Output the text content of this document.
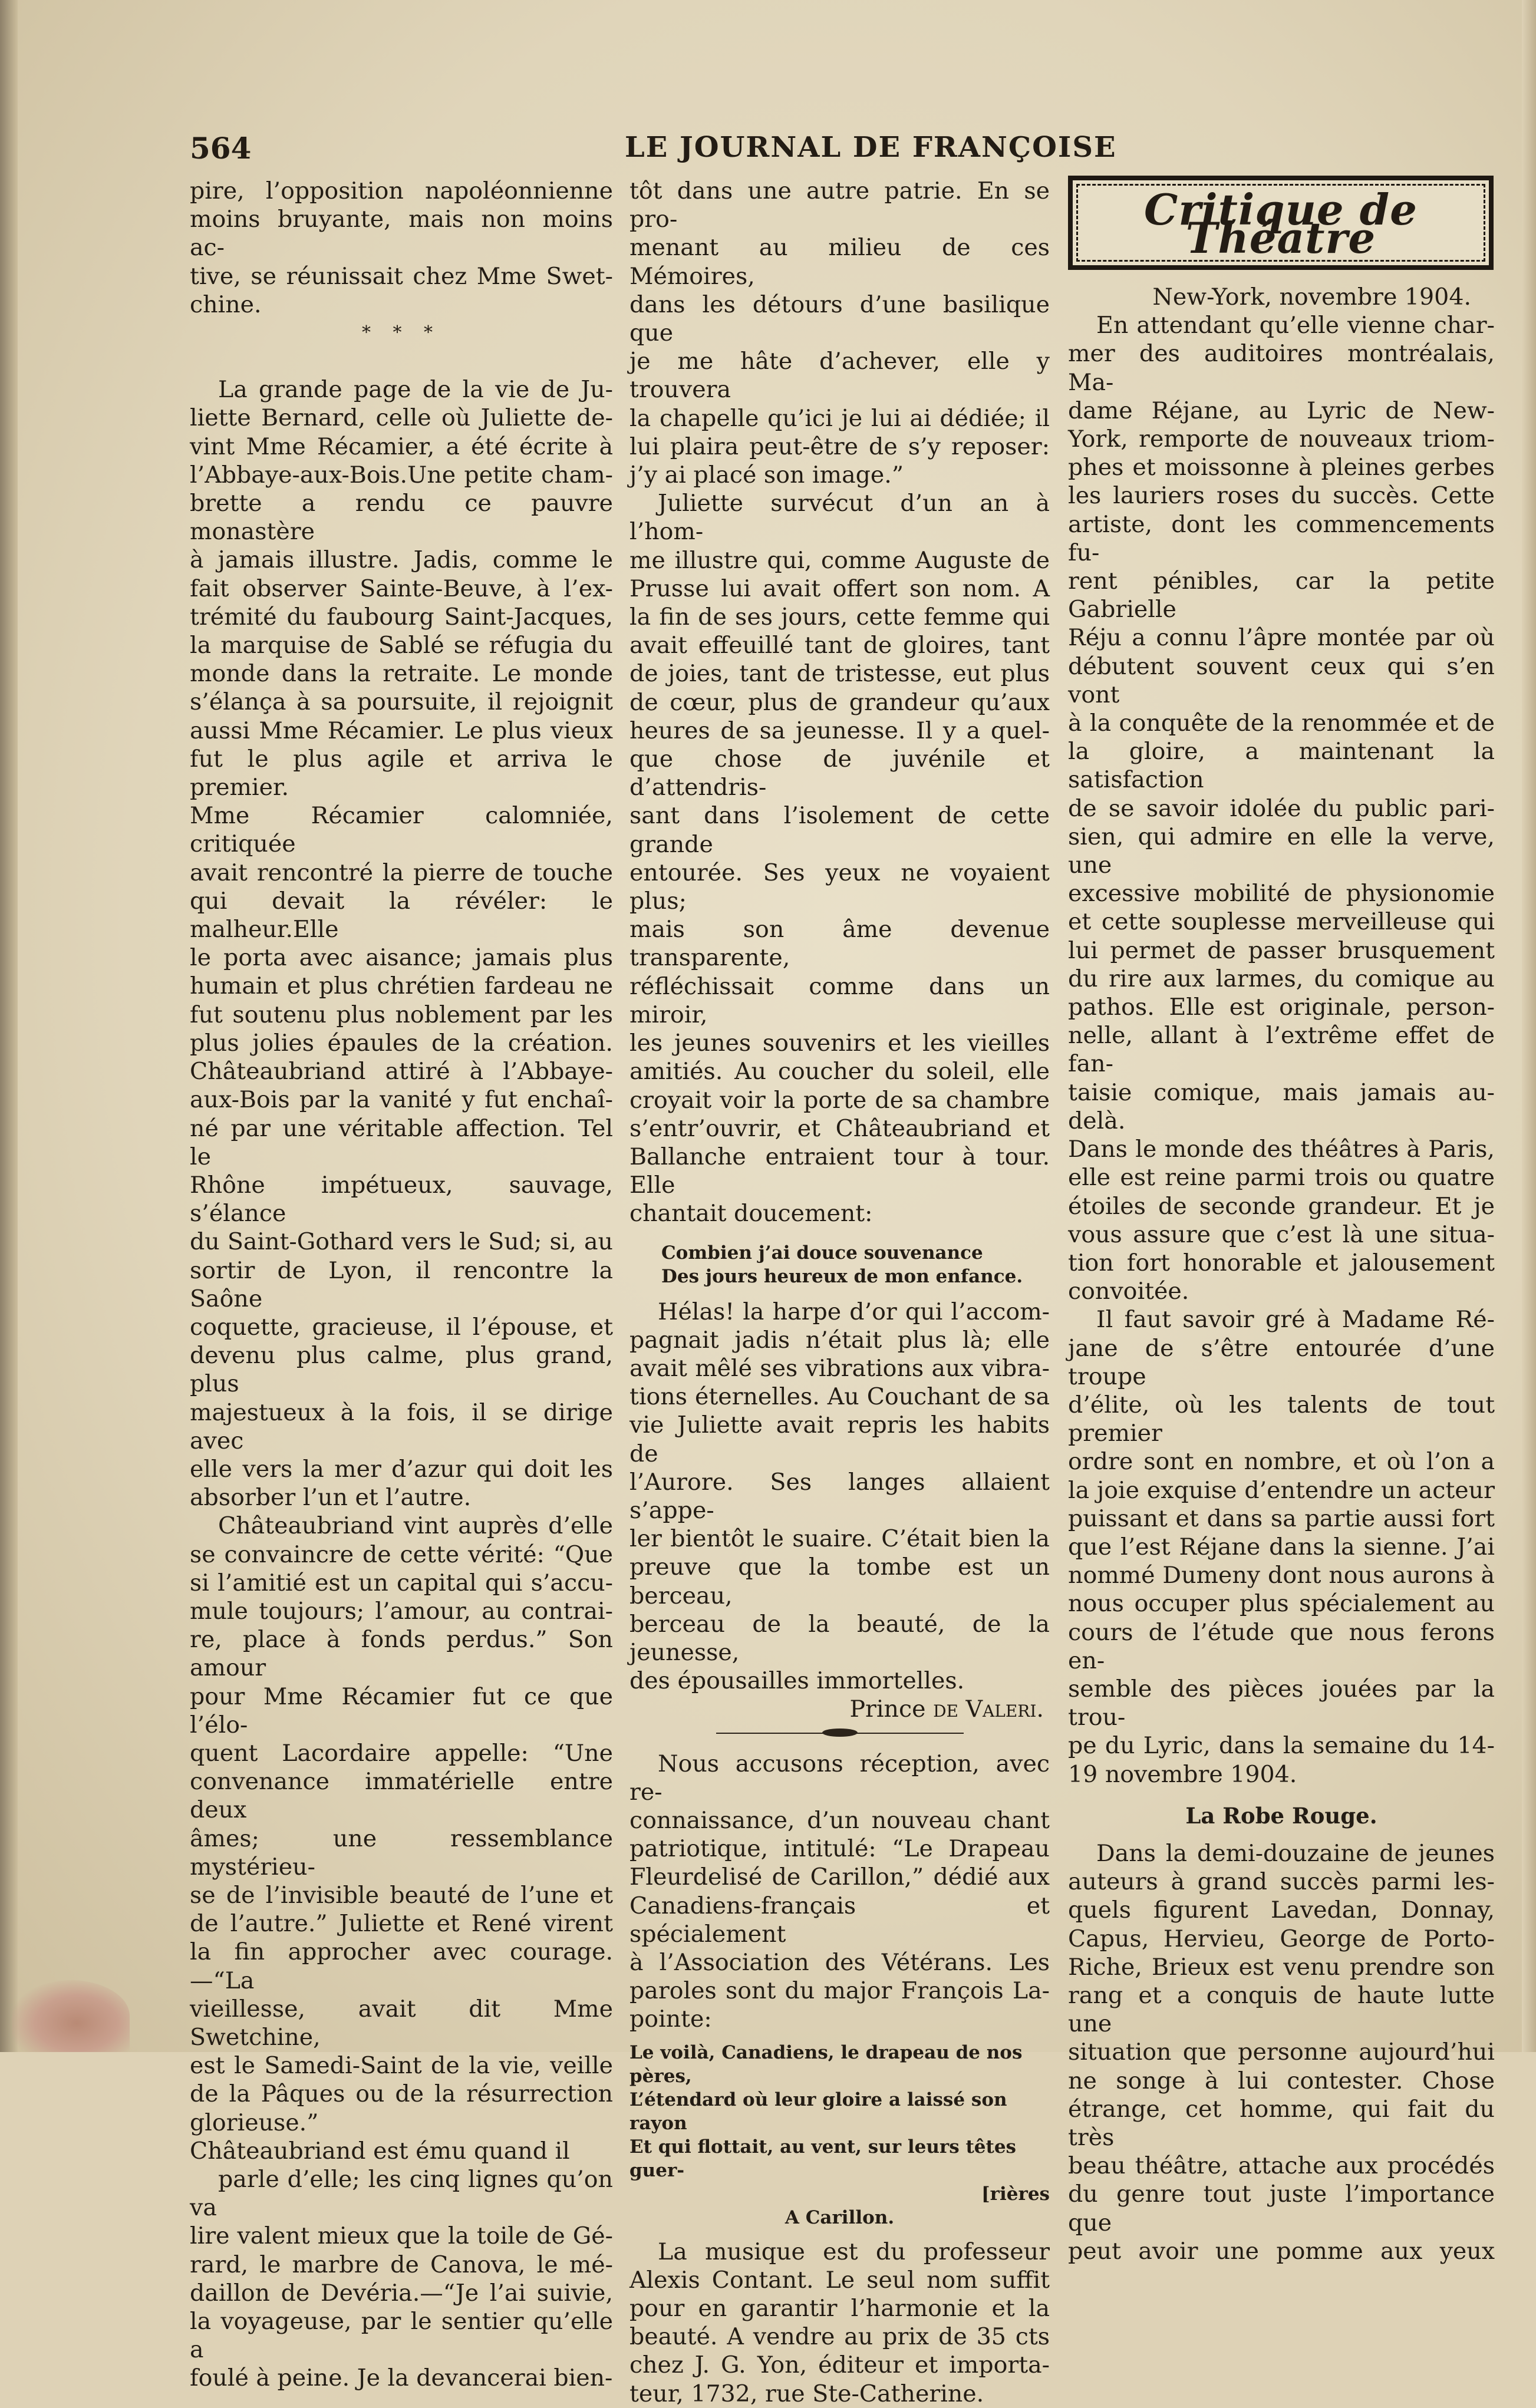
564	LE JOURNAL DE FRANÇOISE

pire, l’opposition napoléonnienne

moins bruyante, mais non moins ac-

tive, se réunissait chez Mme Swet-

chine.

* * *

La grande page de la vie de Ju-

liette Bernard, celle où Juliette de-

vint Mme Récamier, a été écrite à

l’Abbaye-aux-Bois.Une petite cham-

brette a rendu ce pauvre monastère

à jamais illustre. Jadis, comme le

fait observer Sainte-Beuve, à l’ex-

trémité du faubourg Saint-Jacques,

la marquise de Sablé se réfugia du

monde dans la retraite. Le monde

s’élança à sa poursuite, il rejoignit

aussi Mme Récamier. Le plus vieux

fut le plus agile et arriva le premier.

Mme Récamier calomniée, critiquée

avait rencontré la pierre de touche

qui devait la révéler: le malheur.Elle

le porta avec aisance; jamais plus

humain et plus chrétien fardeau ne

fut soutenu plus noblement par les

plus jolies épaules de la création.

Châteaubriand attiré à l’Abbaye-

aux-Bois par la vanité y fut enchaî-

né par une véritable affection. Tel le

Rhône impétueux, sauvage, s’élance

du Saint-Gothard vers le Sud; si, au

sortir de Lyon, il rencontre la Saône

coquette, gracieuse, il l’épouse, et

devenu plus calme, plus grand, plus

majestueux à la fois, il se dirige avec

elle vers la mer d’azur qui doit les

absorber l’un et l’autre.

Châteaubriand vint auprès d’elle

se convaincre de cette vérité: “Que

si l’amitié est un capital qui s’accu-

mule toujours; l’amour, au contrai-

re, place à fonds perdus.” Son amour

pour Mme Récamier fut ce que l’élo-

quent Lacordaire appelle: “Une

convenance immatérielle entre deux

âmes; une ressemblance mystérieu-

se de l’invisible beauté de l’une et

de l’autre.” Juliette et René virent

la fin approcher avec courage.—“La

vieillesse, avait dit Mme Swetchine,

est le Samedi-Saint de la vie, veille

de la Pâques ou de la résurrection

glorieuse.”

Châteaubriand est ému quand il

parle d’elle; les cinq lignes qu’on va

lire valent mieux que la toile de Gé-

rard, le marbre de Canova, le mé-

daillon de Devéria.—“Je l’ai suivie,

la voyageuse, par le sentier qu’elle a

foulé à peine. Je la devancerai bien-

tôt dans une autre patrie. En se pro-

menant au milieu de ces Mémoires,

dans les détours d’une basilique que

je me hâte d’achever, elle y trouvera

la chapelle qu’ici je lui ai dédiée; il

lui plaira peut-être de s’y reposer:

j’y ai placé son image.”

Juliette survécut d’un an à l’hom-

me illustre qui, comme Auguste de

Prusse lui avait offert son nom. A

la fin de ses jours, cette femme qui

avait effeuillé tant de gloires, tant

de joies, tant de tristesse, eut plus

de cœur, plus de grandeur qu’aux

heures de sa jeunesse. Il y a quel-

que chose de juvénile et d’attendris-

sant dans l’isolement de cette grande

entourée. Ses yeux ne voyaient plus;

mais son âme devenue transparente,

réfléchissait comme dans un miroir,

les jeunes souvenirs et les vieilles

amitiés. Au coucher du soleil, elle

croyait voir la porte de sa chambre

s’entr’ouvrir, et Châteaubriand et

Ballanche entraient tour à tour. Elle

chantait doucement:

Combien j’ai douce souvenance

Des jours heureux de mon enfance.

Hélas! la harpe d’or qui l’accom-

pagnait jadis n’était plus là; elle

avait mêlé ses vibrations aux vibra-

tions éternelles. Au Couchant de sa

vie Juliette avait repris les habits de

l’Aurore. Ses langes allaient s’appe-

ler bientôt le suaire. C’était bien la

preuve que la tombe est un berceau,

berceau de la beauté, de la jeunesse,

des épousailles immortelles.

Prince de Valeri.

Nous accusons réception, avec re-

connaissance, d’un nouveau chant

patriotique, intitulé: “Le Drapeau

Fleurdelisé de Carillon,” dédié aux

Canadiens-français et spécialement

à l’Association des Vétérans. Les

paroles sont du major François La-

pointe:

Le voilà, Canadiens, le drapeau de nos pères,

L’étendard où leur gloire a laissé son rayon

Et qui flottait, au vent, sur leurs têtes guer-

[rières

A Carillon.

La musique est du professeur

Alexis Contant. Le seul nom suffit

pour en garantir l’harmonie et la

beauté. A vendre au prix de 35 cts

chez J. G. Yon, éditeur et importa-

teur, 1732, rue Ste-Catherine.

Critique de Théatre

New-York, novembre 1904.

En attendant qu’elle vienne char-

mer des auditoires montréalais, Ma-

dame Réjane, au Lyric de New-

York, remporte de nouveaux triom-

phes et moissonne à pleines gerbes

les lauriers roses du succès. Cette

artiste, dont les commencements fu-

rent pénibles, car la petite Gabrielle

Réju a connu l’âpre montée par où

débutent souvent ceux qui s’en vont

à la conquête de la renommée et de

la gloire, a maintenant la satisfaction

de se savoir idolée du public pari-

sien, qui admire en elle la verve, une

excessive mobilité de physionomie

et cette souplesse merveilleuse qui

lui permet de passer brusquement

du rire aux larmes, du comique au

pathos. Elle est originale, person-

nelle, allant à l’extrême effet de fan-

taisie comique, mais jamais au-delà.

Dans le monde des théâtres à Paris,

elle est reine parmi trois ou quatre

étoiles de seconde grandeur. Et je

vous assure que c’est là une situa-

tion fort honorable et jalousement

convoitée.

Il faut savoir gré à Madame Ré-

jane de s’être entourée d’une troupe

d’élite, où les talents de tout premier

ordre sont en nombre, et où l’on a

la joie exquise d’entendre un acteur

puissant et dans sa partie aussi fort

que l’est Réjane dans la sienne. J’ai

nommé Dumeny dont nous aurons à

nous occuper plus spécialement au

cours de l’étude que nous ferons en-

semble des pièces jouées par la trou-

pe du Lyric, dans la semaine du 14-

19 novembre 1904.

La Robe Rouge.

Dans la demi-douzaine de jeunes

auteurs à grand succès parmi les-

quels figurent Lavedan, Donnay,

Capus, Hervieu, George de Porto-

Riche, Brieux est venu prendre son

rang et a conquis de haute lutte une

situation que personne aujourd’hui

ne songe à lui contester. Chose

étrange, cet homme, qui fait du très

beau théâtre, attache aux procédés

du genre tout juste l’importance que

peut avoir une pomme aux yeux
